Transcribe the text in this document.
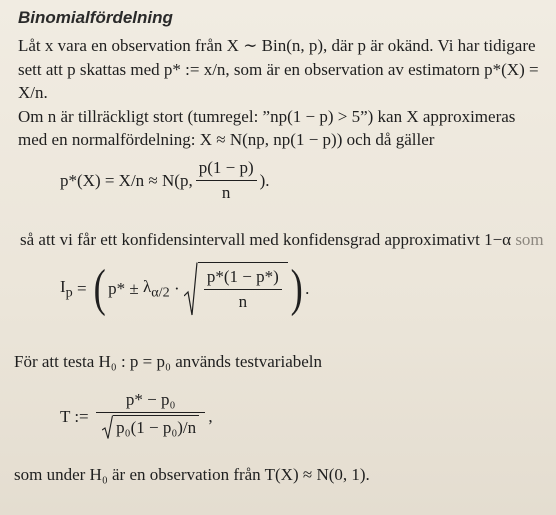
Binomialfördelning
Låt x vara en observation från X ∼ Bin(n, p), där p är okänd. Vi har tidigare
sett att p skattas med p* := x/n, som är en observation av estimatorn p*(X) =
X/n.
Om n är tillräckligt stort (tumregel: ”np(1 − p) > 5”) kan X approximeras
med en normalfördelning: X ≈ N(np, np(1 − p)) och då gäller
p*(X) = X/n ≈ N(p, $\frac{p(1 - p)}{n}$ ).
så att vi får ett konfidensintervall med konfidensgrad approximativt 1−α som
$I_p$ = ( $p* \pm \lambda_{\alpha/2} \cdot \frac{p*(1 - p*)}{n}$ ) .
För att testa H₀ : p = p₀ används testvariabeln
T := $\frac{\text{p* − p₀}}{\text{p₀(1 − p₀)/n}}$ ,
som under H₀ är en observation från T(X) ≈ N(0, 1).
